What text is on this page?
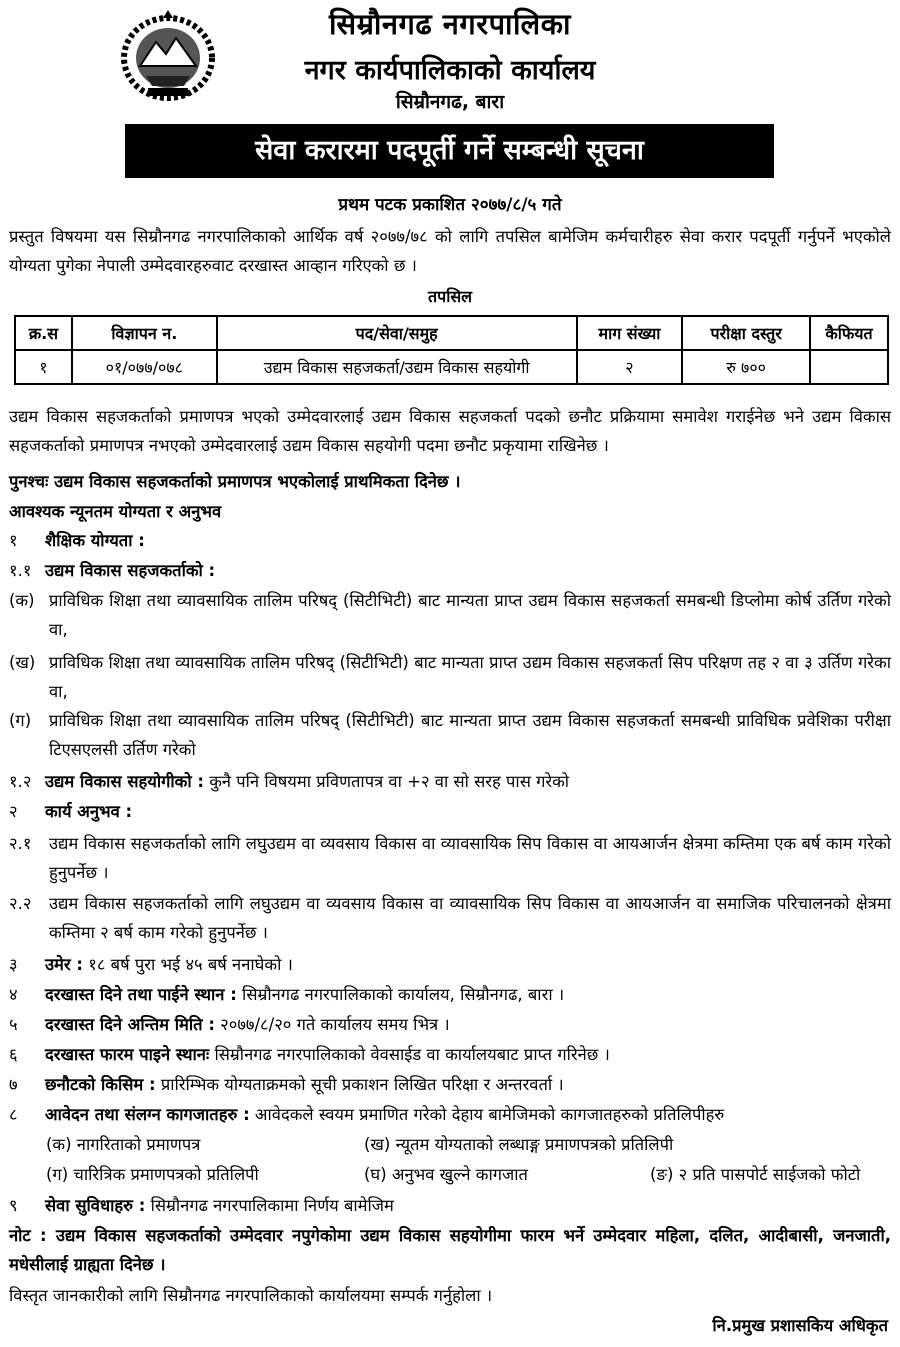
सिम्रौनगढ नगरपालिका
नगर कार्यपालिकाको कार्यालय
सिम्रौनगढ, बारा
सेवा करारमा पदपूर्ती गर्ने सम्बन्धी सूचना
प्रथम पटक प्रकाशित २०७७/८/५ गते
प्रस्तुत विषयमा यस सिम्रौनगढ नगरपालिकाको आर्थिक वर्ष २०७७/७८ को लागि तपसिल बामेजिम कर्मचारीहरु सेवा करार पदपूर्ती गर्नुपर्ने भएकोले योग्यता पुगेका नेपाली उम्मेदवारहरुवाट दरखास्त आव्हान गरिएको छ ।
तपसिल
क्र.स	विज्ञापन न.	पद/सेवा/समुह	माग संख्या	परीक्षा दस्तुर	कैफियत
१	०१/०७७/०७८	उद्यम विकास सहजकर्ता/उद्यम विकास सहयोगी	२	रु ७००	
उद्यम विकास सहजकर्ताको प्रमाणपत्र भएको उम्मेदवारलाई उद्यम विकास सहजकर्ता पदको छनौट प्रक्रियामा समावेश गराईनेछ भने उद्यम विकास सहजकर्ताको प्रमाणपत्र नभएको उम्मेदवारलाई उद्यम विकास सहयोगी पदमा छनौट प्रकृयामा राखिनेछ ।
पुनश्चः उद्यम विकास सहजकर्ताको प्रमाणपत्र भएकोलाई प्राथमिकता दिनेछ ।
आवश्यक न्यूनतम योग्यता र अनुभव
१	शैक्षिक योग्यता :
१.१ उद्यम विकास सहजकर्ताको :
(क) प्राविधिक शिक्षा तथा व्यावसायिक तालिम परिषद् (सिटीभिटी) बाट मान्यता प्राप्त उद्यम विकास सहजकर्ता समबन्धी डिप्लोमा कोर्ष उर्तिण गरेको वा,
(ख) प्राविधिक शिक्षा तथा व्यावसायिक तालिम परिषद् (सिटीभिटी) बाट मान्यता प्राप्त उद्यम विकास सहजकर्ता सिप परिक्षण तह २ वा ३ उर्तिण गरेका वा,
(ग)	प्राविधिक शिक्षा तथा व्यावसायिक तालिम परिषद् (सिटीभिटी) बाट मान्यता प्राप्त उद्यम विकास सहजकर्ता समबन्धी प्राविधिक प्रवेशिका परीक्षा टिएसएलसी उर्तिण गरेको
१.२ उद्यम विकास सहयोगीको : कुनै पनि विषयमा प्रविणतापत्र वा +२ वा सो सरह पास गरेको
२	कार्य अनुभव :
२.१	उद्यम विकास सहजकर्ताको लागि लघुउद्यम वा व्यवसाय विकास वा व्यावसायिक सिप विकास वा आयआर्जन क्षेत्रमा कम्तिमा एक बर्ष काम गरेको हुनुपर्नेछ ।
२.२	उद्यम विकास सहजकर्ताको लागि लघुउद्यम वा व्यवसाय विकास वा व्यावसायिक सिप विकास वा आयआर्जन वा समाजिक परिचालनको क्षेत्रमा कम्तिमा २ बर्ष काम गरेको हुनुपर्नेछ ।
३	उमेर : १८ बर्ष पुरा भई ४५ बर्ष ननाघेको ।
४	दरखास्त दिने तथा पाईने स्थान : सिम्रौनगढ नगरपालिकाको कार्यालय, सिम्रौनगढ, बारा ।
५	दरखास्त दिने अन्तिम मिति : २०७७/८/२० गते कार्यालय समय भित्र ।
६	दरखास्त फारम पाइने स्थानः सिम्रौनगढ नगरपालिकाको वेवसाईड वा कार्यालयबाट प्राप्त गरिनेछ ।
७	छनौटको किसिम : प्रारिम्भिक योग्यताक्रमको सूची प्रकाशन लिखित परिक्षा र अन्तरवर्ता ।
८	आवेदन तथा संलग्न कागजातहरु : आवेदकले स्वयम प्रमाणित गरेको देहाय बामेजिमको कागजातहरुको प्रतिलिपीहरु
(क) नागरिताको प्रमाणपत्र	(ख) न्यूतम योग्यताको लब्धाङ्ग प्रमाणपत्रको प्रतिलिपी
(ग) चारित्रिक प्रमाणपत्रको प्रतिलिपी	(घ) अनुभव खुल्ने कागजात	(ङ) २ प्रति पासपोर्ट साईजको फोटो
९	सेवा सुविधाहरु : सिम्रौनगढ नगरपालिकामा निर्णय बामेजिम
नोट : उद्यम विकास सहजकर्ताको उम्मेदवार नपुगेकोमा उद्यम विकास सहयोगीमा फारम भर्ने उम्मेदवार महिला, दलित, आदीबासी, जनजाती, मधेसीलाई ग्राह्यता दिनेछ ।
विस्तृत जानकारीको लागि सिम्रौनगढ नगरपालिकाको कार्यालयमा सम्पर्क गर्नुहोला ।
नि.प्रमुख प्रशासकिय अधिकृत
